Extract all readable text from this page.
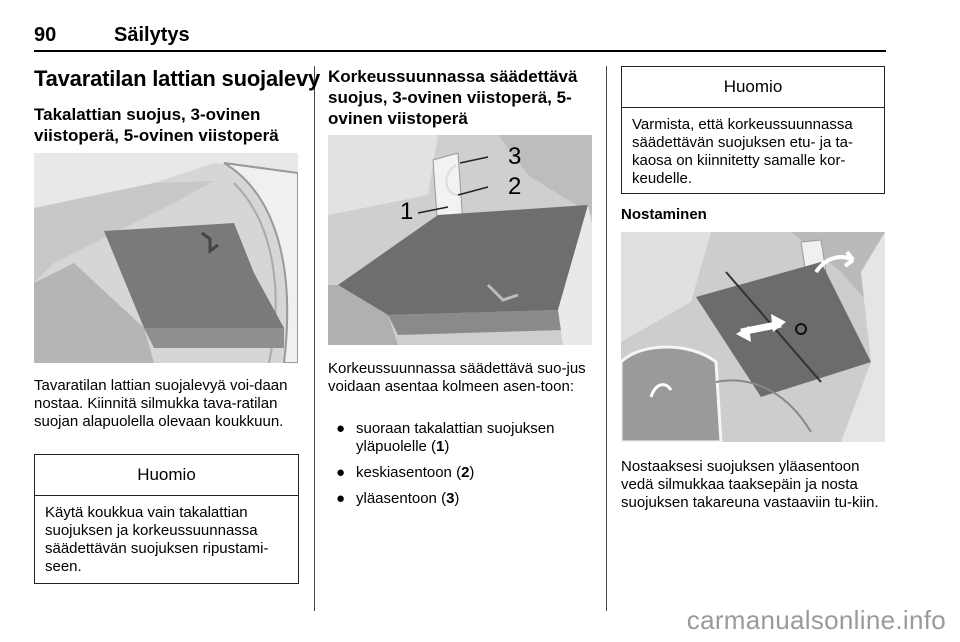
90	Säilytys
Tavaratilan lattian suojalevy
Takalattian suojus, 3-ovinen viistoperä, 5-ovinen viistoperä
Tavaratilan lattian suojalevyä voi-daan nostaa. Kiinnitä silmukka tava-ratilan suojan alapuolella olevaan koukkuun.
Huomio
Käytä koukkua vain takalattian suojuksen ja korkeussuunnassa säädettävän suojuksen ripustami-seen.
Korkeussuunnassa säädettävä suojus, 3-ovinen viistoperä, 5-ovinen viistoperä
1
2
3
Korkeussuunnassa säädettävä suo-jus voidaan asentaa kolmeen asen-toon:
● suoraan takalattian suojuksen yläpuolelle (1)
● keskiasentoon (2)
● yläasentoon (3)
Huomio
Varmista, että korkeussuunnassa säädettävän suojuksen etu- ja ta-kaosa on kiinnitetty samalle kor-keudelle.
Nostaminen
Nostaaksesi suojuksen yläasentoon vedä silmukkaa taaksepäin ja nosta suojuksen takareuna vastaaviin tu-kiin.
carmanualsonline.info
